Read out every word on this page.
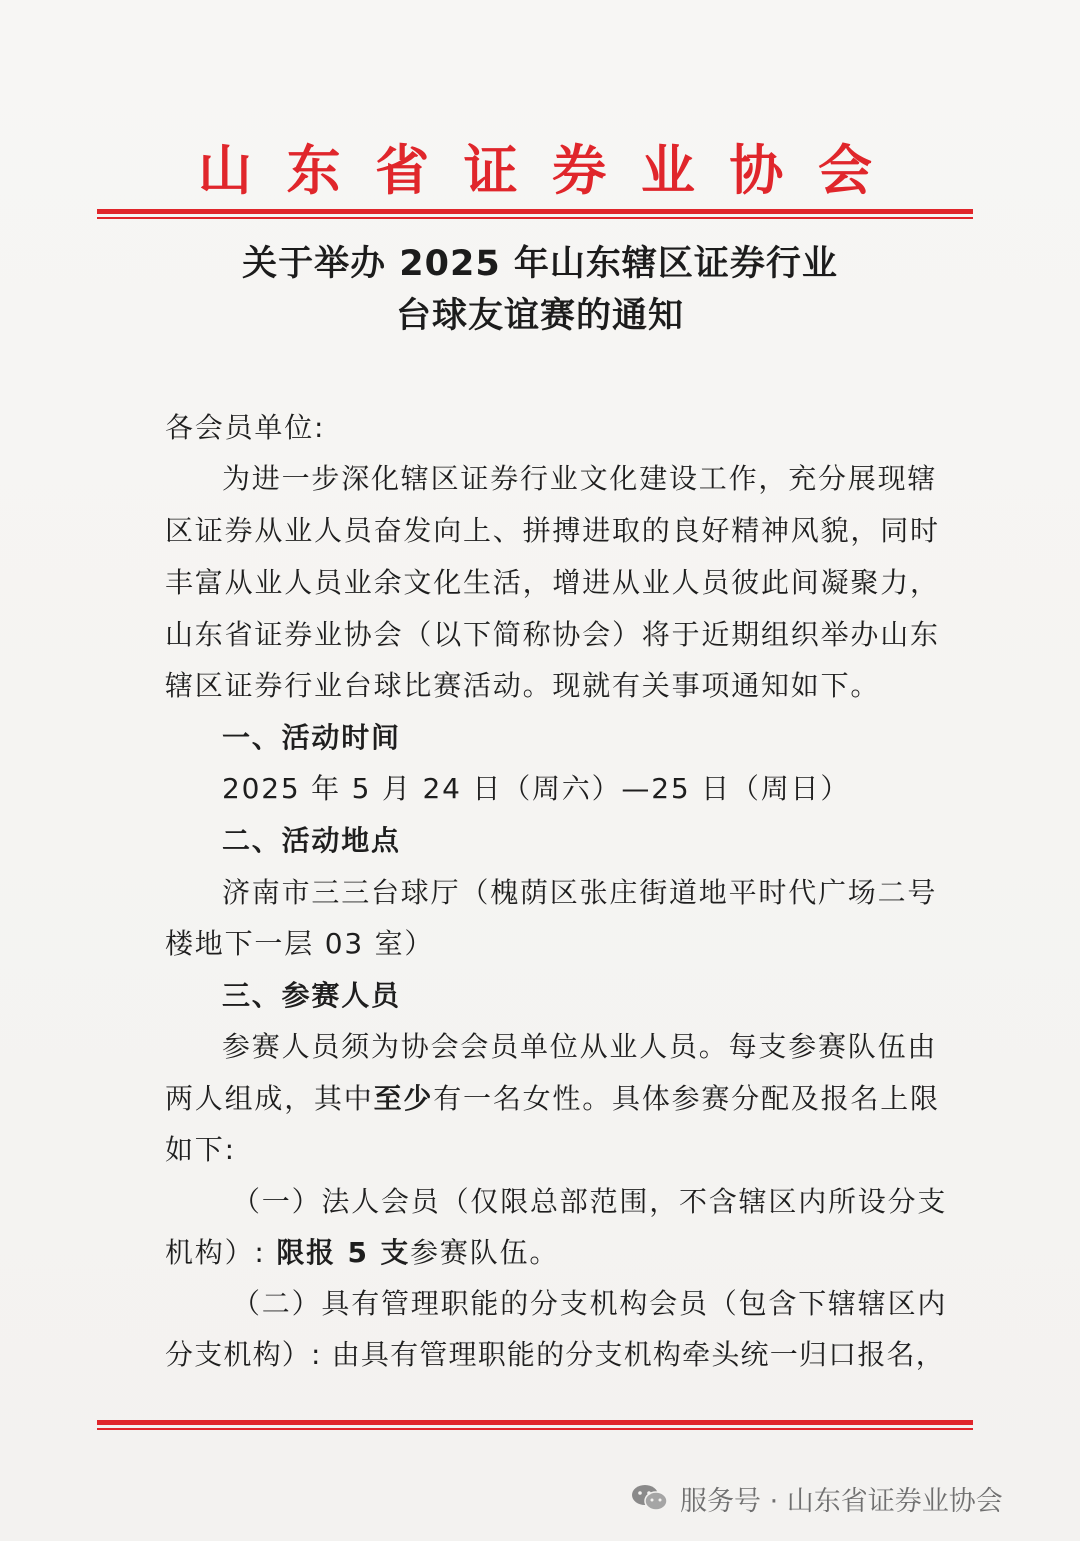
山 东 省 证 券 业 协 会
关于举办 2025 年山东辖区证券行业
台球友谊赛的通知
各会员单位:
为进一步深化辖区证券行业文化建设工作，充分展现辖
区证券从业人员奋发向上、拼搏进取的良好精神风貌，同时
丰富从业人员业余文化生活，增进从业人员彼此间凝聚力，
山东省证券业协会（以下简称协会）将于近期组织举办山东
辖区证券行业台球比赛活动。现就有关事项通知如下。
一、活动时间
2025 年 5 月 24 日（周六）—25 日（周日）
二、活动地点
济南市三三台球厅（槐荫区张庄街道地平时代广场二号
楼地下一层 03 室）
三、参赛人员
参赛人员须为协会会员单位从业人员。每支参赛队伍由
两人组成，其中至少有一名女性。具体参赛分配及报名上限
如下:
（一）法人会员（仅限总部范围，不含辖区内所设分支
机构）: 限报 5 支参赛队伍。
（二）具有管理职能的分支机构会员（包含下辖辖区内
分支机构）: 由具有管理职能的分支机构牵头统一归口报名，
服务号 · 山东省证券业协会
